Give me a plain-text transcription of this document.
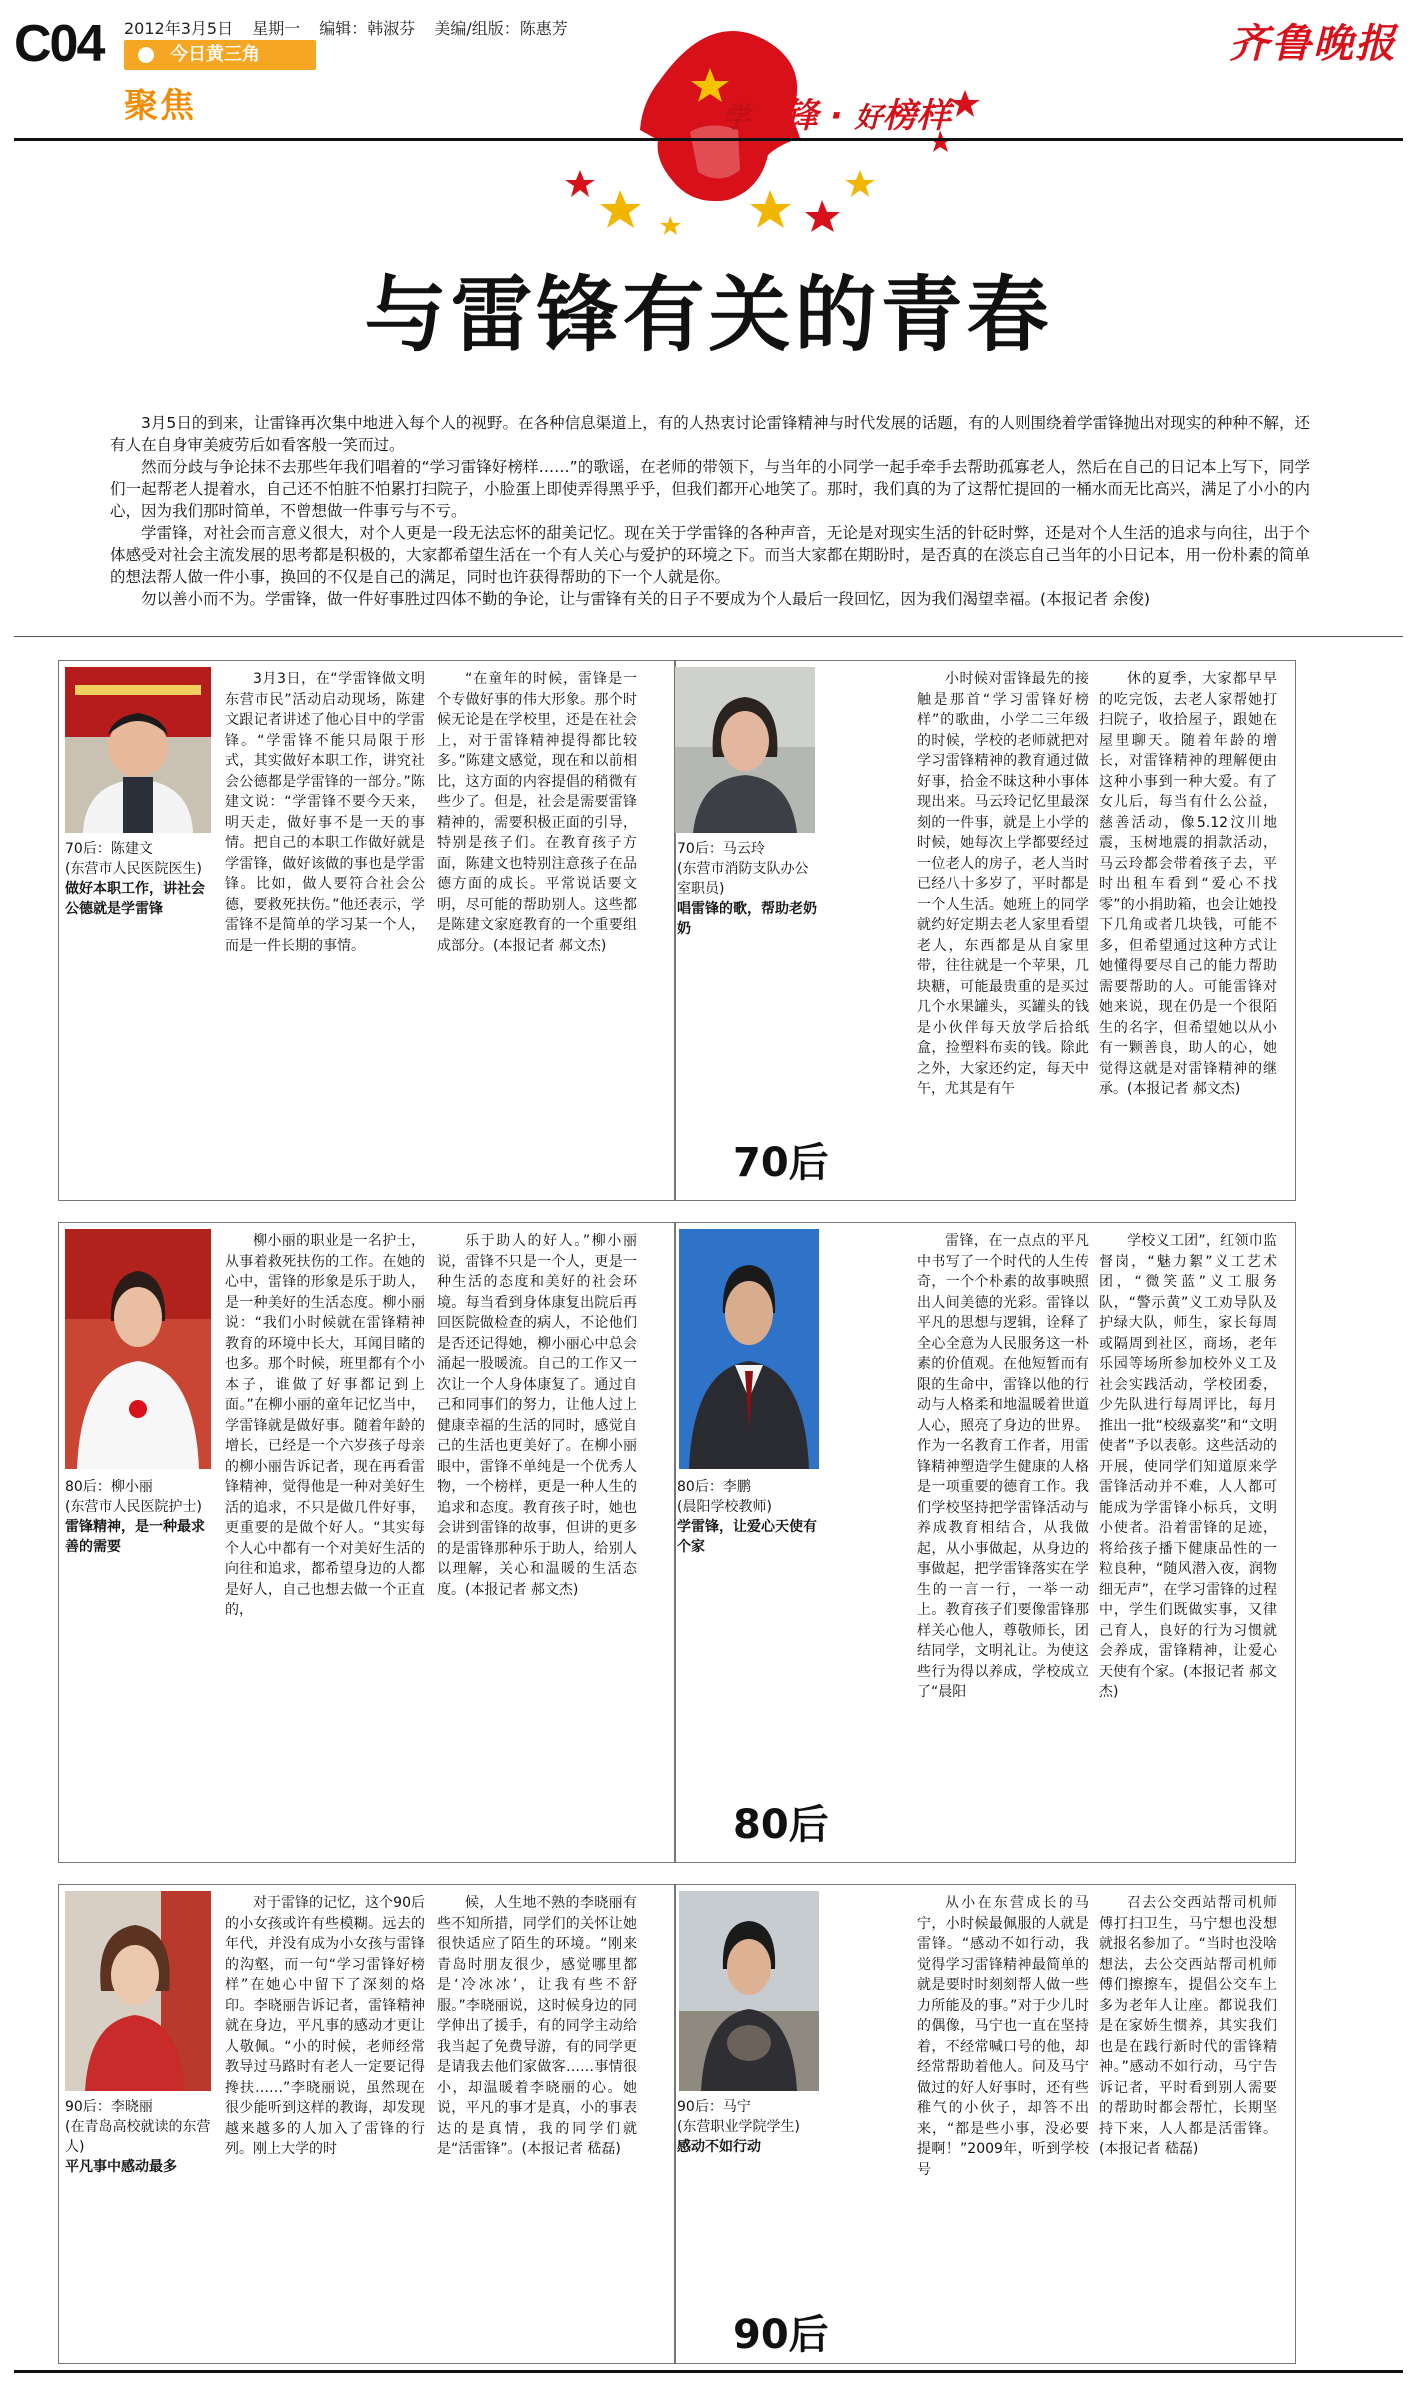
C04 2012年3月5日 星期一 编辑：韩淑芬 美编/组版：陈惠芳
今日黄三角
聚焦
齐鲁晚报
学雷锋 · 好榜样
与雷锋有关的青春

3月5日的到来，让雷锋再次集中地进入每个人的视野。在各种信息渠道上，有的人热衷讨论雷锋精神与时代发展的话题，有的人则围绕着学雷锋抛出对现实的种种不解，还有人在自身审美疲劳后如看客般一笑而过。

然而分歧与争论抹不去那些年我们唱着的“学习雷锋好榜样……”的歌谣，在老师的带领下，与当年的小同学一起手牵手去帮助孤寡老人，然后在自己的日记本上写下，同学们一起帮老人提着水，自己还不怕脏不怕累打扫院子，小脸蛋上即使弄得黑乎乎，但我们都开心地笑了。那时，我们真的为了这帮忙提回的一桶水而无比高兴，满足了小小的内心，因为我们那时简单，不曾想做一件事亏与不亏。

学雷锋，对社会而言意义很大，对个人更是一段无法忘怀的甜美记忆。现在关于学雷锋的各种声音，无论是对现实生活的针砭时弊，还是对个人生活的追求与向往，出于个体感受对社会主流发展的思考都是积极的，大家都希望生活在一个有人关心与爱护的环境之下。而当大家都在期盼时，是否真的在淡忘自己当年的小日记本，用一份朴素的简单的想法帮人做一件小事，换回的不仅是自己的满足，同时也许获得帮助的下一个人就是你。

勿以善小而不为。学雷锋，做一件好事胜过四体不勤的争论，让与雷锋有关的日子不要成为个人最后一段回忆，因为我们渴望幸福。(本报记者 余俊)

70后：陈建文
(东营市人民医院医生)
做好本职工作，讲社会公德就是学雷锋

3月3日，在“学雷锋做文明东营市民”活动启动现场，陈建文跟记者讲述了他心目中的学雷锋。“学雷锋不能只局限于形式，其实做好本职工作，讲究社会公德都是学雷锋的一部分。”陈建文说：“学雷锋不要今天来，明天走，做好事不是一天的事情。把自己的本职工作做好就是学雷锋，做好该做的事也是学雷锋。比如，做人要符合社会公德，要救死扶伤。”他还表示，学雷锋不是简单的学习某一个人，而是一件长期的事情。

“在童年的时候，雷锋是一个专做好事的伟大形象。那个时候无论是在学校里，还是在社会上，对于雷锋精神提得都比较多。”陈建文感觉，现在和以前相比，这方面的内容提倡的稍微有些少了。但是，社会是需要雷锋精神的，需要积极正面的引导，特别是孩子们。在教育孩子方面，陈建文也特别注意孩子在品德方面的成长。平常说话要文明，尽可能的帮助别人。这些都是陈建文家庭教育的一个重要组成部分。(本报记者 郝文杰)

70后：马云玲
(东营市消防支队办公室职员)
唱雷锋的歌，帮助老奶奶

小时候对雷锋最先的接触是那首“学习雷锋好榜样”的歌曲，小学二三年级的时候，学校的老师就把对学习雷锋精神的教育通过做好事，拾金不昧这种小事体现出来。马云玲记忆里最深刻的一件事，就是上小学的时候，她每次上学都要经过一位老人的房子，老人当时已经八十多岁了，平时都是一个人生活。她班上的同学就约好定期去老人家里看望老人，东西都是从自家里带，往往就是一个苹果，几块糖，可能最贵重的是买过几个水果罐头，买罐头的钱是小伙伴每天放学后拾纸盒，捡塑料布卖的钱。除此之外，大家还约定，每天中午，尤其是有午

休的夏季，大家都早早的吃完饭，去老人家帮她打扫院子，收拾屋子，跟她在屋里聊天。随着年龄的增长，对雷锋精神的理解便由这种小事到一种大爱。有了女儿后，每当有什么公益，慈善活动，像5.12汶川地震，玉树地震的捐款活动，马云玲都会带着孩子去，平时出租车看到“爱心不找零”的小捐助箱，也会让她投下几角或者几块钱，可能不多，但希望通过这种方式让她懂得要尽自己的能力帮助需要帮助的人。可能雷锋对她来说，现在仍是一个很陌生的名字，但希望她以从小有一颗善良，助人的心，她觉得这就是对雷锋精神的继承。(本报记者 郝文杰)

70后
80后：柳小丽
(东营市人民医院护士)
雷锋精神，是一种最求善的需要

柳小丽的职业是一名护士，从事着救死扶伤的工作。在她的心中，雷锋的形象是乐于助人，是一种美好的生活态度。柳小丽说：“我们小时候就在雷锋精神教育的环境中长大，耳闻目睹的也多。那个时候，班里都有个小本子，谁做了好事都记到上面。”在柳小丽的童年记忆当中，学雷锋就是做好事。随着年龄的增长，已经是一个六岁孩子母亲的柳小丽告诉记者，现在再看雷锋精神，觉得他是一种对美好生活的追求，不只是做几件好事，更重要的是做个好人。“其实每个人心中都有一个对美好生活的向往和追求，都希望身边的人都是好人，自己也想去做一个正直的，

乐于助人的好人。”柳小丽说，雷锋不只是一个人，更是一种生活的态度和美好的社会环境。每当看到身体康复出院后再回医院做检查的病人，不论他们是否还记得她，柳小丽心中总会涌起一股暖流。自己的工作又一次让一个人身体康复了。通过自己和同事们的努力，让他人过上健康幸福的生活的同时，感觉自己的生活也更美好了。在柳小丽眼中，雷锋不单纯是一个优秀人物，一个榜样，更是一种人生的追求和态度。教育孩子时，她也会讲到雷锋的故事，但讲的更多的是雷锋那种乐于助人，给别人以理解，关心和温暖的生活态度。(本报记者 郝文杰)

80后：李鹏
(晨阳学校教师)
学雷锋，让爱心天使有个家

雷锋，在一点点的平凡中书写了一个时代的人生传奇，一个个朴素的故事映照出人间美德的光彩。雷锋以平凡的思想与逻辑，诠释了全心全意为人民服务这一朴素的价值观。在他短暂而有限的生命中，雷锋以他的行动与人格柔和地温暖着世道人心，照亮了身边的世界。作为一名教育工作者，用雷锋精神塑造学生健康的人格是一项重要的德育工作。我们学校坚持把学雷锋活动与养成教育相结合，从我做起，从小事做起，从身边的事做起，把学雷锋落实在学生的一言一行，一举一动上。教育孩子们要像雷锋那样关心他人，尊敬师长，团结同学，文明礼让。为使这些行为得以养成，学校成立了“晨阳

学校义工团”，红领巾监督岗，“魅力絮”义工艺术团，“微笑蓝”义工服务队，“警示黄”义工劝导队及护绿大队，师生，家长每周或隔周到社区，商场，老年乐园等场所参加校外义工及社会实践活动，学校团委，少先队进行每周评比，每月推出一批“校级嘉奖”和“文明使者”予以表彰。这些活动的开展，使同学们知道原来学雷锋活动并不难，人人都可能成为学雷锋小标兵，文明小使者。沿着雷锋的足迹，将给孩子播下健康品性的一粒良种，“随风潜入夜，润物细无声”，在学习雷锋的过程中，学生们既做实事，又律己育人，良好的行为习惯就会养成，雷锋精神，让爱心天使有个家。(本报记者 郝文杰)

80后
90后：李晓丽
(在青岛高校就读的东营人)
平凡事中感动最多

对于雷锋的记忆，这个90后的小女孩或许有些模糊。远去的年代，并没有成为小女孩与雷锋的沟壑，而一句“学习雷锋好榜样”在她心中留下了深刻的烙印。李晓丽告诉记者，雷锋精神就在身边，平凡事的感动才更让人敬佩。“小的时候，老师经常教导过马路时有老人一定要记得搀扶……”李晓丽说，虽然现在很少能听到这样的教诲，却发现越来越多的人加入了雷锋的行列。刚上大学的时

候，人生地不熟的李晓丽有些不知所措，同学们的关怀让她很快适应了陌生的环境。“刚来青岛时朋友很少，感觉哪里都是‘冷冰冰’，让我有些不舒服。”李晓丽说，这时候身边的同学伸出了援手，有的同学主动给我当起了免费导游，有的同学更是请我去他们家做客……事情很小，却温暖着李晓丽的心。她说，平凡的事才是真，小的事表达的是真情，我的同学们就是“活雷锋”。(本报记者 嵇磊)

90后：马宁
(东营职业学院学生)
感动不如行动

从小在东营成长的马宁，小时候最佩服的人就是雷锋。“感动不如行动，我觉得学习雷锋精神最简单的就是要时时刻刻帮人做一些力所能及的事。”对于少儿时的偶像，马宁也一直在坚持着，不经常喊口号的他，却经常帮助着他人。问及马宁做过的好人好事时，还有些稚气的小伙子，却答不出来，“都是些小事，没必要提啊！”2009年，听到学校号

召去公交西站帮司机师傅打扫卫生，马宁想也没想就报名参加了。“当时也没啥想法，去公交西站帮司机师傅们擦擦车，提倡公交车上多为老年人让座。都说我们是在家娇生惯养，其实我们也是在践行新时代的雷锋精神。”感动不如行动，马宁告诉记者，平时看到别人需要的帮助时都会帮忙，长期坚持下来，人人都是活雷锋。(本报记者 嵇磊)

90后
